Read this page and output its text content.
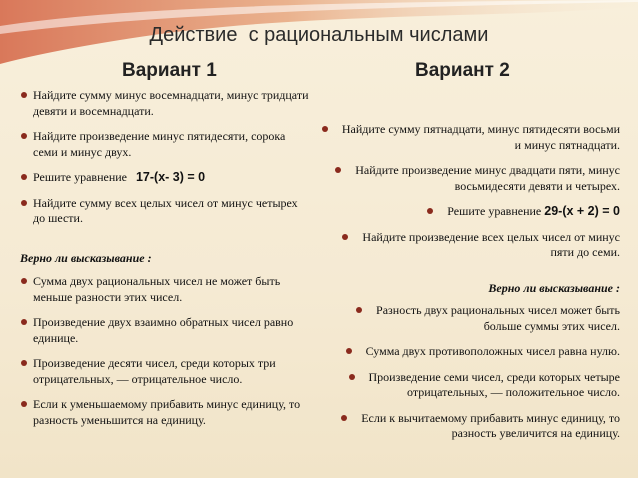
Действие  с рациональным числами
Вариант 1	Вариант 2
Найдите сумму минус восемнадцати, минус тридцати девяти и восемнадцати.
Найдите произведение минус пятидесяти, сорока семи и минус двух.
Решите уравнение 17-(х- 3) = 0
Найдите сумму всех целых чисел от минус четырех до шести.
Верно ли высказывание :
Сумма двух рациональных чисел не может быть меньше разности этих чисел.
Произведение двух взаимно обратных чисел равно единице.
Произведение десяти чисел, среди которых три отрицательных, — отрицательное число.
Если к уменьшаемому прибавить минус единицу, то разность уменьшится на единицу.
Найдите сумму пятнадцати, минус пятидесяти восьми и минус пятнадцати.
Найдите произведение минус двадцати пяти, минус восьмидесяти девяти и четырех.
Решите уравнение 29-(х + 2) = 0
Найдите произведение всех целых чисел от минус пяти до семи.
Верно ли высказывание :
Разность двух рациональных чисел может быть больше суммы этих чисел.
Сумма двух противоположных чисел равна нулю.
Произведение семи чисел, среди которых четыре отрицательных, — положительное число.
Если к вычитаемому прибавить минус единицу, то разность увеличится на единицу.
